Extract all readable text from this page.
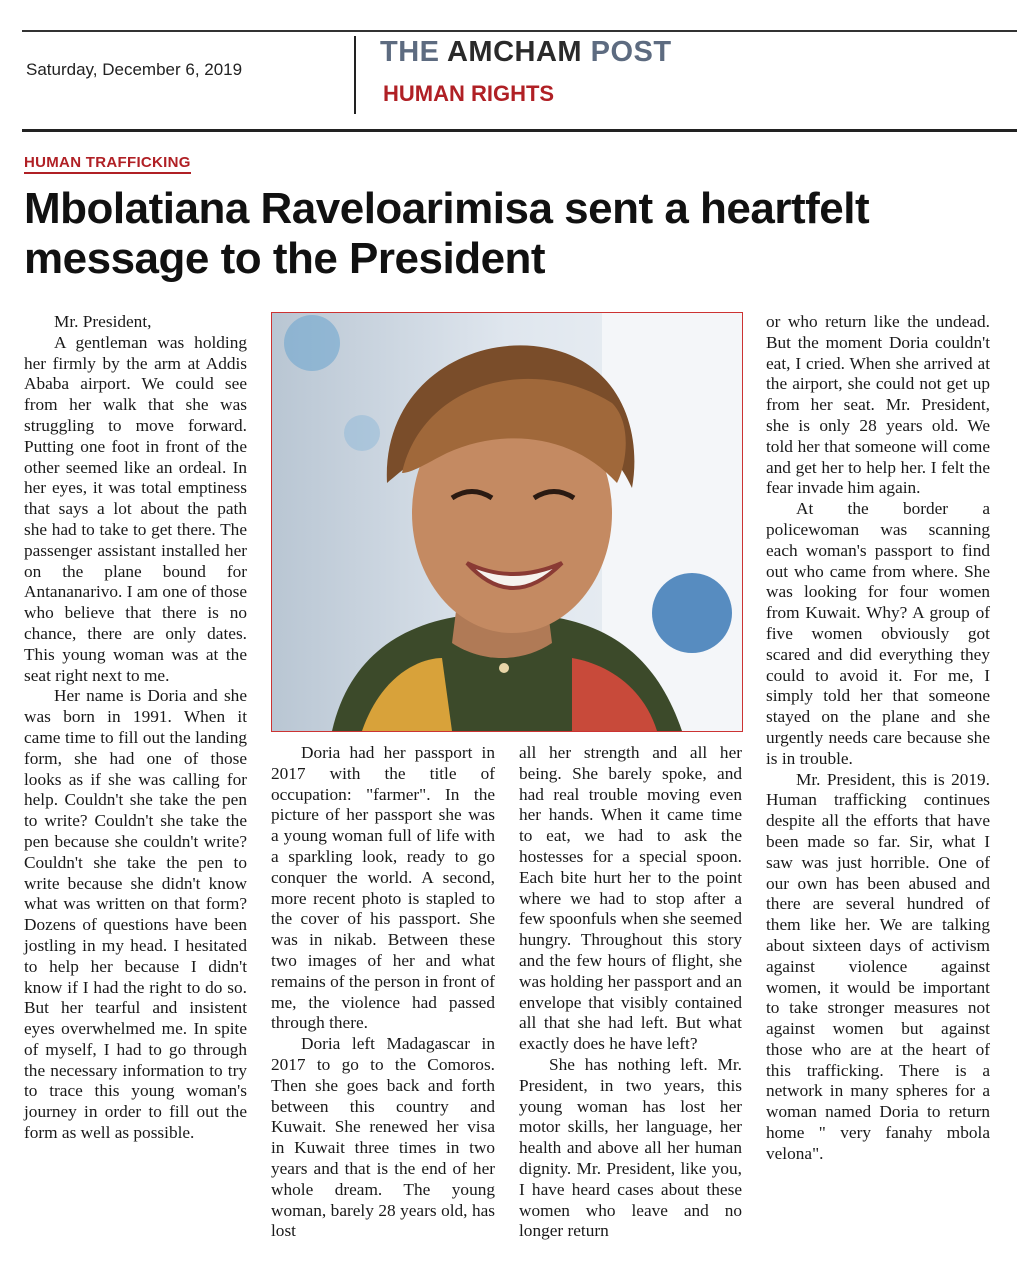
Saturday, December 6, 2019
THE AMCHAM POST
HUMAN RIGHTS
HUMAN TRAFFICKING
Mbolatiana Raveloarimisa sent a heartfelt
message to the President

Mr. President,

A gentleman was holding her firmly by the arm at Addis Ababa airport. We could see from her walk that she was struggling to move forward. Putting one foot in front of the other seemed like an ordeal. In her eyes, it was total emptiness that says a lot about the path she had to take to get there. The passenger assistant installed her on the plane bound for Antananarivo. I am one of those who believe that there is no chance, there are only dates. This young woman was at the seat right next to me.

Her name is Doria and she was born in 1991. When it came time to fill out the landing form, she had one of those looks as if she was calling for help. Couldn't she take the pen to write? Couldn't she take the pen because she couldn't write? Couldn't she take the pen to write because she didn't know what was written on that form? Dozens of questions have been jostling in my head. I hesitated to help her because I didn't know if I had the right to do so. But her tearful and insistent eyes overwhelmed me. In spite of myself, I had to go through the necessary information to try to trace this young woman's journey in order to fill out the form as well as possible.

Doria had her passport in 2017 with the title of occupation: "farmer". In the picture of her passport she was a young woman full of life with a sparkling look, ready to go conquer the world. A second, more recent photo is stapled to the cover of his passport. She was in nikab. Between these two images of her and what remains of the person in front of me, the violence had passed through there.

Doria left Madagascar in 2017 to go to the Comoros. Then she goes back and forth between this country and Kuwait. She renewed her visa in Kuwait three times in two years and that is the end of her whole dream. The young woman, barely 28 years old, has lost

all her strength and all her being. She barely spoke, and had real trouble moving even her hands. When it came time to eat, we had to ask the hostesses for a special spoon. Each bite hurt her to the point where we had to stop after a few spoonfuls when she seemed hungry. Throughout this story and the few hours of flight, she was holding her passport and an envelope that visibly contained all that she had left. But what exactly does he have left?

She has nothing left. Mr. President, in two years, this young woman has lost her motor skills, her language, her health and above all her human dignity. Mr. President, like you, I have heard cases about these women who leave and no longer return

or who return like the undead. But the moment Doria couldn't eat, I cried. When she arrived at the airport, she could not get up from her seat. Mr. President, she is only 28 years old. We told her that someone will come and get her to help her. I felt the fear invade him again.

At the border a policewoman was scanning each woman's passport to find out who came from where. She was looking for four women from Kuwait. Why? A group of five women obviously got scared and did everything they could to avoid it. For me, I simply told her that someone stayed on the plane and she urgently needs care because she is in trouble.

Mr. President, this is 2019. Human trafficking continues despite all the efforts that have been made so far. Sir, what I saw was just horrible. One of our own has been abused and there are several hundred of them like her. We are talking about sixteen days of activism against violence against women, it would be important to take stronger measures not against women but against those who are at the heart of this trafficking. There is a network in many spheres for a woman named Doria to return home " very fanahy mbola velona".
